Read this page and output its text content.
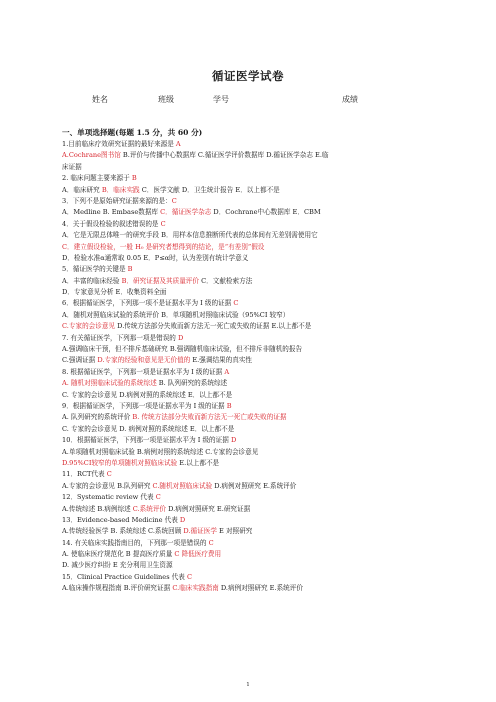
循证医学试卷
姓名	班级	学号	成绩
一、单项选择题(每题 1.5 分，共 60 分)
1.目前临床疗效研究证据的最好来源是 A
A.Cochrane图书馆 B.评价与传播中心数据库 C.循证医学评价数据库 D.循证医学杂志 E.临
床证据
2. 临床问题主要来源于 B
A．临床研究 B．临床实践 C．医学文献 D．卫生统计报告 E．以上都不是
3．下列不是原始研究证据来源的是：C
A．Medline B. Embase数据库 C．循证医学杂志 D．Cochrane中心数据库 E．CBM
4．关于假设检验的叙述错误的是 C
A．它是无限总体唯一的研究手段 B．用样本信息推断所代表的总体间有无差别需使用它
C．建立假设检验，一般 H₀ 是研究者想得到的结论，是“有差别”假设
D．检验水准α通常取 0.05 E．P≤α时，认为差别有统计学意义
5．循证医学的关键是 B
A．丰富的临床经验 B．研究证据及其质量评价 C．文献检索方法
D．专家意见分析 E．收集资料全面
6．根据循证医学，下列那一项不是证据水平为 I 级的证据 C
A．随机对照临床试验的系统评价 B．单项随机对照临床试验（95%CI 较窄）
C.专家的会诊意见 D.传统方法部分失败而新方法无一死亡或失败的证据 E.以上都不是
7. 有关循证医学，下列那一项是错误的 D
A.强调临床干预，但不排斥基础研究 B.强调随机临床试验，但不排斥非随机的报告
C.强调证据 D.专家的经验和意见是无价值的 E.强调结果的真实性
8. 根据循证医学，下列那一项是证据水平为 I 级的证据 A
A. 随机对照临床试验的系统综述 B. 队列研究的系统综述
C. 专家的会诊意见 D.病例对照的系统综述 E．以上都不是
9．根据循证医学，下列那一项是证据水平为 I 级的证据 B
A. 队列研究的系统评价 B. 传统方法部分失败而新方法无一死亡或失败的证据
C. 专家的会诊意见 D. 病例对照的系统综述 E．以上都不是
10．根据循证医学，下列那一项是证据水平为 I 级的证据 D
A.单项随机对照临床试验 B.病例对照的系统综述 C.专家的会诊意见
D.95%CI较窄的单项随机对照临床试验 E.以上都不是
11．RCT代表 C
A.专家的会诊意见 B.队列研究 C.随机对照临床试验 D.病例对照研究 E.系统评价
12．Systematic review 代表 C
A.传统综述 B.病例综述 C.系统评价 D.病例对照研究 E.研究证据
13．Evidence-based Medicine 代表 D
A.传统经验医学 B. 系统综述 C.系统回顾 D.循证医学 E 对照研究
14. 有关临床实践指南目的，下列那一项是错误的 C
A. 使临床医疗规范化 B 提高医疗质量 C 降低医疗费用
D. 减少医疗纠纷 E 充分利用卫生资源
15．Clinical Practice Guidelines 代表 C
A.临床操作规程指南 B.评价研究证据 C.临床实践指南 D.病例对照研究 E.系统评价
1
